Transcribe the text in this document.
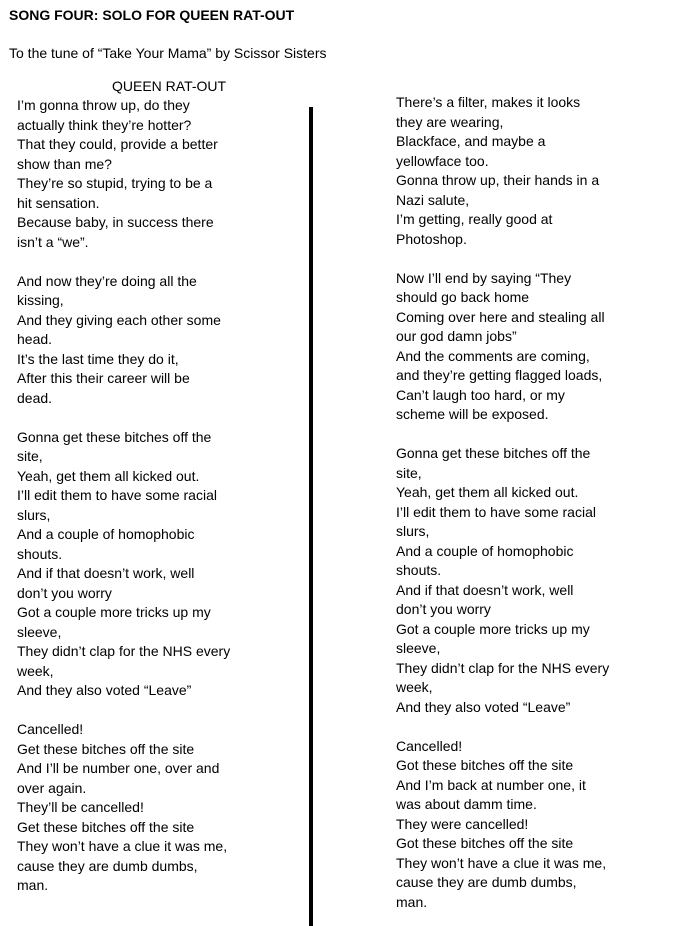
SONG FOUR: SOLO FOR QUEEN RAT-OUT
To the tune of “Take Your Mama” by Scissor Sisters
QUEEN RAT-OUT
I’m gonna throw up, do they
actually think they’re hotter?
That they could, provide a better
show than me?
They’re so stupid, trying to be a
hit sensation.
Because baby, in success there
isn’t a “we”.
And now they’re doing all the
kissing,
And they giving each other some
head.
It’s the last time they do it,
After this their career will be
dead.
Gonna get these bitches off the
site,
Yeah, get them all kicked out.
I’ll edit them to have some racial
slurs,
And a couple of homophobic
shouts.
And if that doesn’t work, well
don’t you worry
Got a couple more tricks up my
sleeve,
They didn’t clap for the NHS every
week,
And they also voted “Leave”
Cancelled!
Get these bitches off the site
And I’ll be number one, over and
over again.
They’ll be cancelled!
Get these bitches off the site
They won’t have a clue it was me,
cause they are dumb dumbs,
man.
There’s a filter, makes it looks
they are wearing,
Blackface, and maybe a
yellowface too.
Gonna throw up, their hands in a
Nazi salute,
I’m getting, really good at
Photoshop.
Now I’ll end by saying “They
should go back home
Coming over here and stealing all
our god damn jobs”
And the comments are coming,
and they’re getting flagged loads,
Can’t laugh too hard, or my
scheme will be exposed.
Gonna get these bitches off the
site,
Yeah, get them all kicked out.
I’ll edit them to have some racial
slurs,
And a couple of homophobic
shouts.
And if that doesn’t work, well
don’t you worry
Got a couple more tricks up my
sleeve,
They didn’t clap for the NHS every
week,
And they also voted “Leave”
Cancelled!
Got these bitches off the site
And I’m back at number one, it
was about damm time.
They were cancelled!
Got these bitches off the site
They won’t have a clue it was me,
cause they are dumb dumbs,
man.
